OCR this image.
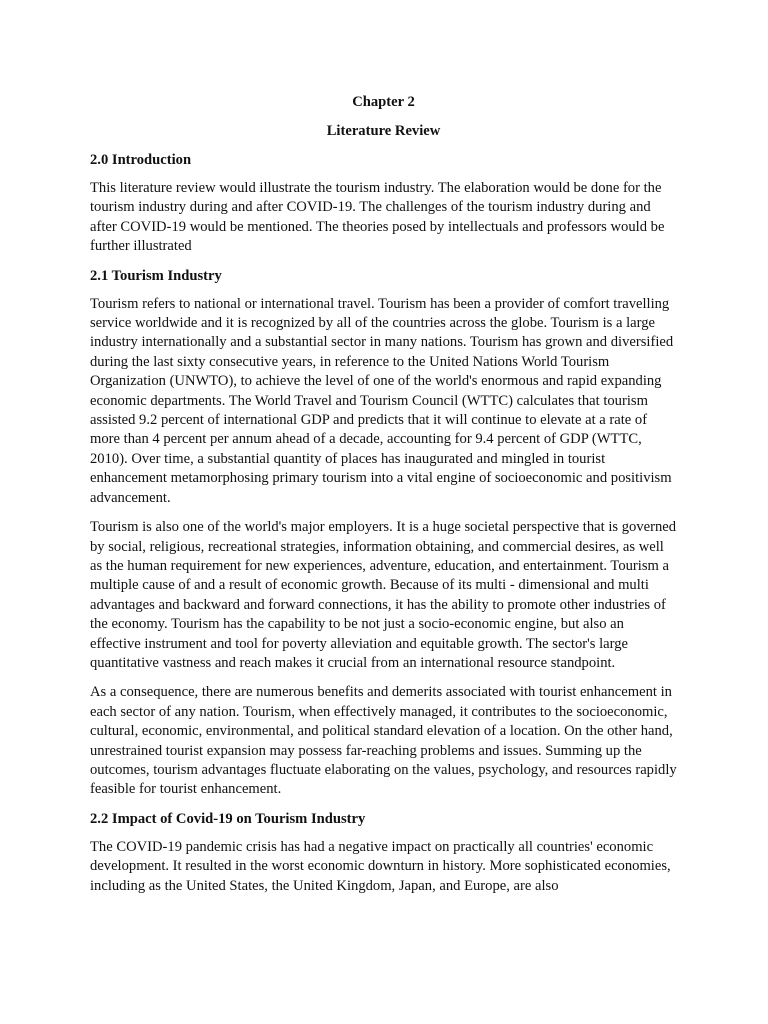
Chapter 2
Literature Review
2.0 Introduction

This literature review would illustrate the tourism industry. The elaboration would be done for the tourism industry during and after COVID-19. The challenges of the tourism industry during and after COVID-19 would be mentioned. The theories posed by intellectuals and professors would be further illustrated

2.1 Tourism Industry

Tourism refers to national or international travel. Tourism has been a provider of comfort travelling service worldwide and it is recognized by all of the countries across the globe. Tourism is a large industry internationally and a substantial sector in many nations. Tourism has grown and diversified during the last sixty consecutive years, in reference to the United Nations World Tourism Organization (UNWTO), to achieve the level of one of the world's enormous and rapid expanding economic departments. The World Travel and Tourism Council (WTTC) calculates that tourism assisted 9.2 percent of international GDP and predicts that it will continue to elevate at a rate of more than 4 percent per annum ahead of a decade, accounting for 9.4 percent of GDP (WTTC, 2010). Over time, a substantial quantity of places has inaugurated and mingled in tourist enhancement metamorphosing primary tourism into a vital engine of socioeconomic and positivism advancement.

Tourism is also one of the world's major employers. It is a huge societal perspective that is governed by social, religious, recreational strategies, information obtaining, and commercial desires, as well as the human requirement for new experiences, adventure, education, and entertainment. Tourism a multiple cause of and a result of economic growth. Because of its multi - dimensional and multi advantages and backward and forward connections, it has the ability to promote other industries of the economy. Tourism has the capability to be not just a socio-economic engine, but also an effective instrument and tool for poverty alleviation and equitable growth. The sector's large quantitative vastness and reach makes it crucial from an international resource standpoint.

As a consequence, there are numerous benefits and demerits associated with tourist enhancement in each sector of any nation. Tourism, when effectively managed, it contributes to the socioeconomic, cultural, economic, environmental, and political standard elevation of a location. On the other hand, unrestrained tourist expansion may possess far-reaching problems and issues. Summing up the outcomes, tourism advantages fluctuate elaborating on the values, psychology, and resources rapidly feasible for tourist enhancement.

2.2 Impact of Covid-19 on Tourism Industry

The COVID-19 pandemic crisis has had a negative impact on practically all countries' economic development. It resulted in the worst economic downturn in history. More sophisticated economies, including as the United States, the United Kingdom, Japan, and Europe, are also
